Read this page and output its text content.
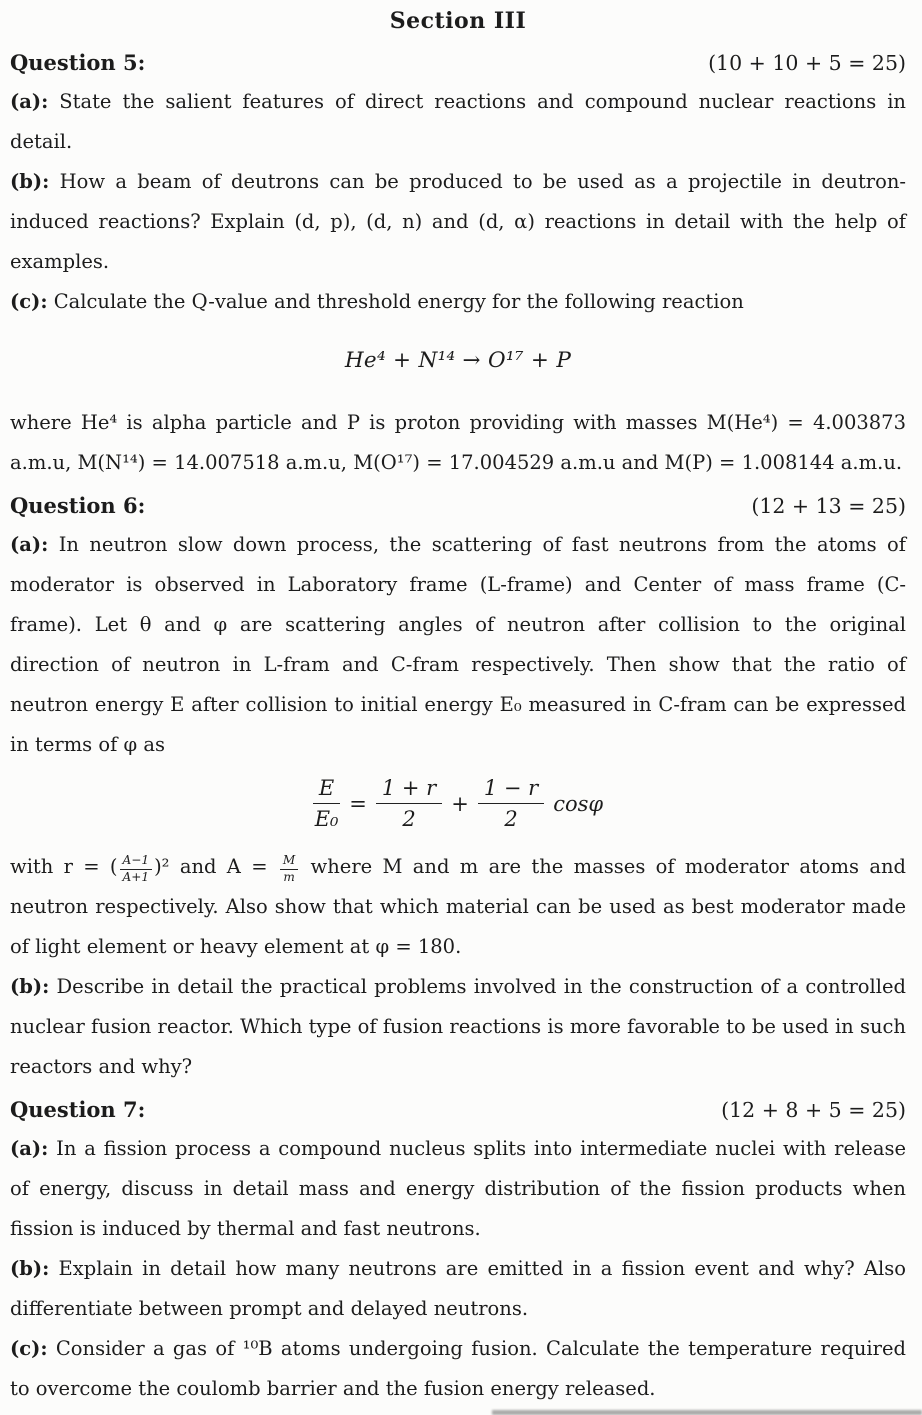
Section III
Question 5:	(10 + 10 + 5 = 25)

(a): State the salient features of direct reactions and compound nuclear reactions in detail.

(b): How a beam of deutrons can be produced to be used as a projectile in deutron-induced reactions? Explain (d, p), (d, n) and (d, α) reactions in detail with the help of examples.

(c): Calculate the Q-value and threshold energy for the following reaction

He⁴ + N¹⁴ → O¹⁷ + P

where He⁴ is alpha particle and P is proton providing with masses M(He⁴) = 4.003873 a.m.u, M(N¹⁴) = 14.007518 a.m.u, M(O¹⁷) = 17.004529 a.m.u and M(P) = 1.008144 a.m.u.

Question 6:	(12 + 13 = 25)

(a): In neutron slow down process, the scattering of fast neutrons from the atoms of moderator is observed in Laboratory frame (L-frame) and Center of mass frame (C-frame). Let θ and φ are scattering angles of neutron after collision to the original direction of neutron in L-fram and C-fram respectively. Then show that the ratio of neutron energy E after collision to initial energy E₀ measured in C-fram can be expressed in terms of φ as

$\frac{E}{\text{E₀}} = \frac{1 + r}{2} + \frac{1 - r}{2}$ cosφ

with r = ( $\frac{A-1}{A+1} )^2$ and $A = \frac{M}{m}$ where M and m are the masses of moderator atoms and neutron respectively. Also show that which material can be used as best moderator made of light element or heavy element at φ = 180.

(b): Describe in detail the practical problems involved in the construction of a controlled nuclear fusion reactor. Which type of fusion reactions is more favorable to be used in such reactors and why?

Question 7:	(12 + 8 + 5 = 25)

(a): In a fission process a compound nucleus splits into intermediate nuclei with release of energy, discuss in detail mass and energy distribution of the fission products when fission is induced by thermal and fast neutrons.

(b): Explain in detail how many neutrons are emitted in a fission event and why? Also differentiate between prompt and delayed neutrons.

(c): Consider a gas of ¹⁰B atoms undergoing fusion. Calculate the temperature required to overcome the coulomb barrier and the fusion energy released.
